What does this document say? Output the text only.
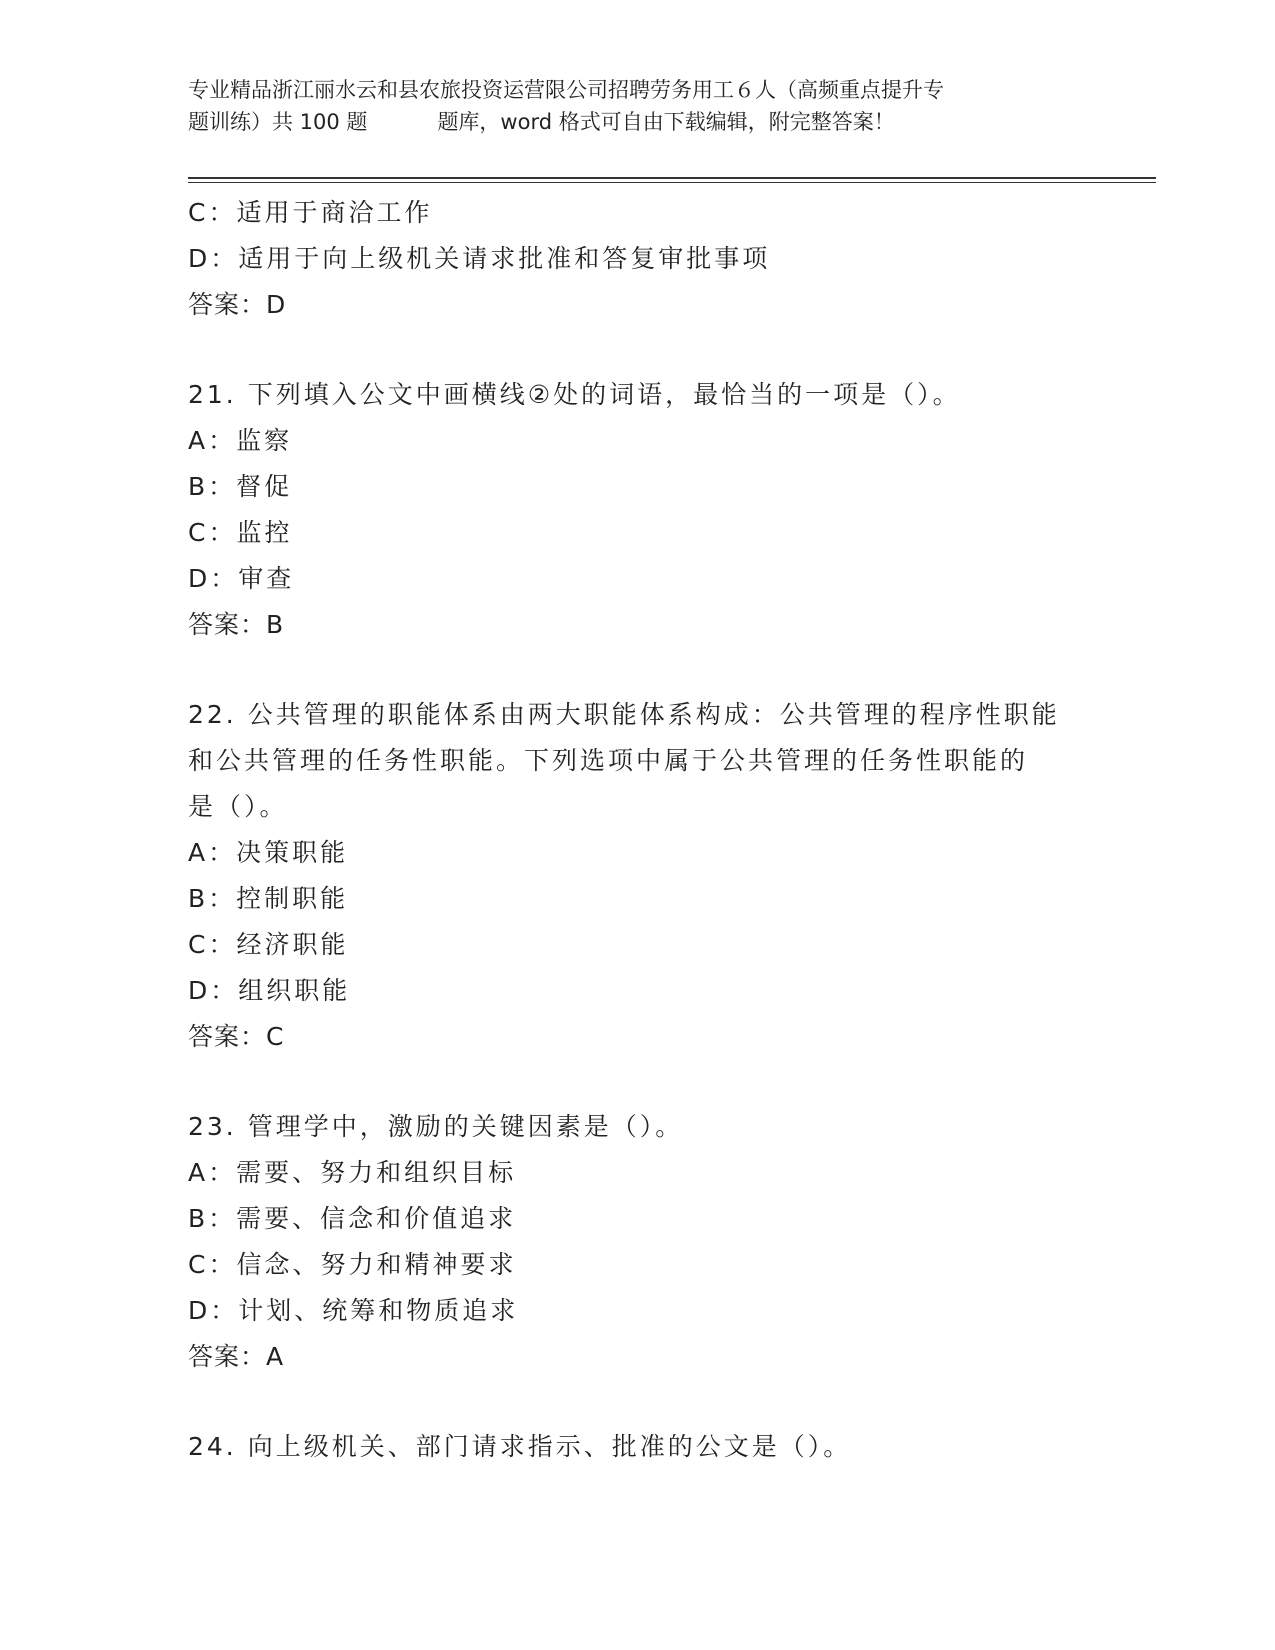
专业精品浙江丽水云和县农旅投资运营限公司招聘劳务用工６人（高频重点提升专
题训练）共 100 题	题库，word 格式可自由下载编辑，附完整答案！
C：适用于商洽工作
D：适用于向上级机关请求批准和答复审批事项
答案：D
21. 下列填入公文中画横线②处的词语，最恰当的一项是（）。
A：监察
B：督促
C：监控
D：审查
答案：B
22. 公共管理的职能体系由两大职能体系构成：公共管理的程序性职能
和公共管理的任务性职能。下列选项中属于公共管理的任务性职能的
是（）。
A：决策职能
B：控制职能
C：经济职能
D：组织职能
答案：C
23. 管理学中，激励的关键因素是（）。
A：需要、努力和组织目标
B：需要、信念和价值追求
C：信念、努力和精神要求
D：计划、统筹和物质追求
答案：A
24. 向上级机关、部门请求指示、批准的公文是（）。
